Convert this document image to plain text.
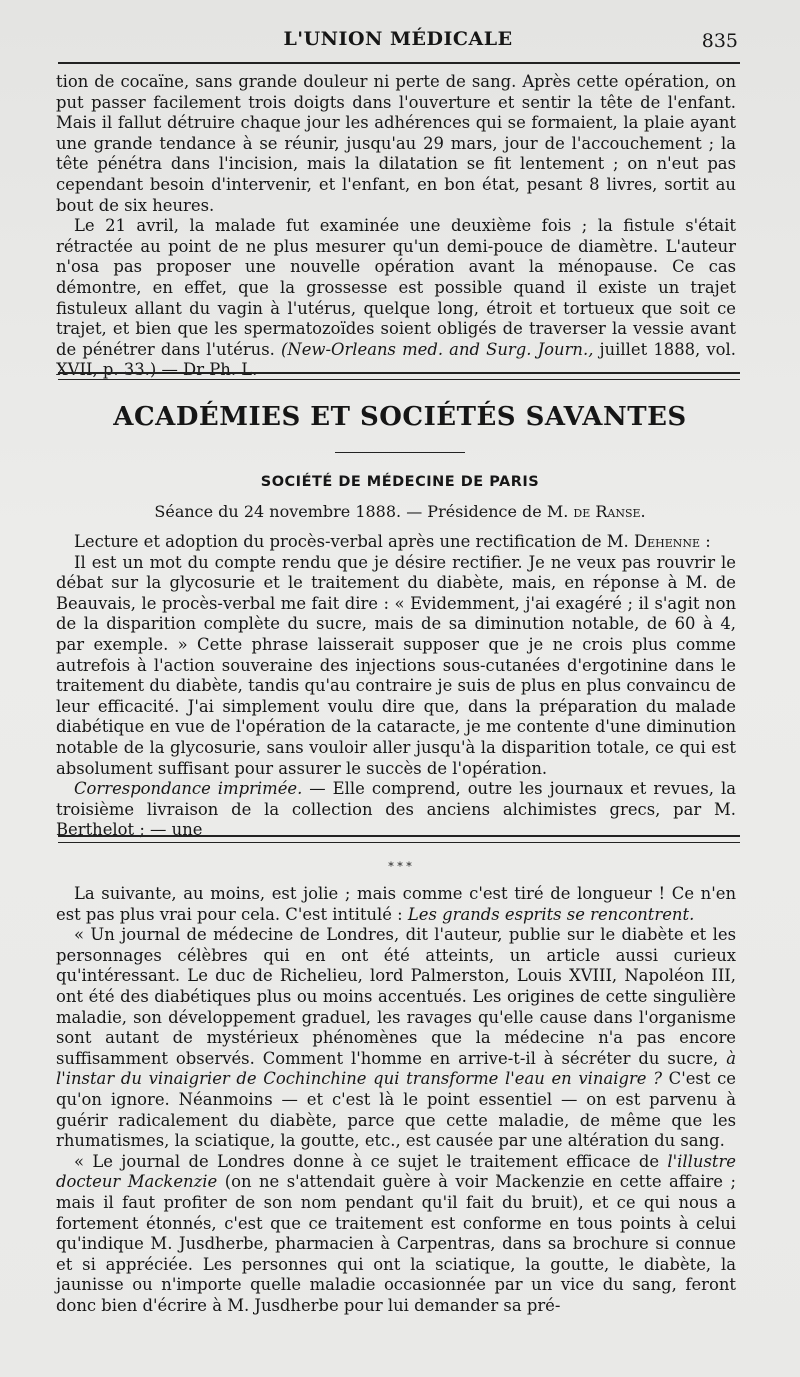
L'UNION MÉDICALE	835

tion de cocaïne, sans grande douleur ni perte de sang. Après cette opération, on put passer facilement trois doigts dans l'ouverture et sentir la tête de l'enfant. Mais il fallut détruire chaque jour les adhérences qui se formaient, la plaie ayant une grande tendance à se réunir, jusqu'au 29 mars, jour de l'accouchement ; la tête pénétra dans l'incision, mais la dilatation se fit lentement ; on n'eut pas cependant besoin d'intervenir, et l'enfant, en bon état, pesant 8 livres, sortit au bout de six heures.

Le 21 avril, la malade fut examinée une deuxième fois ; la fistule s'était rétractée au point de ne plus mesurer qu'un demi-pouce de diamètre. L'auteur n'osa pas proposer une nouvelle opération avant la ménopause. Ce cas démontre, en effet, que la grossesse est possible quand il existe un trajet fistuleux allant du vagin à l'utérus, quelque long, étroit et tortueux que soit ce trajet, et bien que les spermatozoïdes soient obligés de traverser la vessie avant de pénétrer dans l'utérus. (New-Orleans med. and Surg. Journ., juillet 1888, vol. XVII, p. 33.) — Dr Ph. L.

ACADÉMIES ET SOCIÉTÉS SAVANTES
SOCIÉTÉ DE MÉDECINE DE PARIS
Séance du 24 novembre 1888. — Présidence de M. de Ranse.

Lecture et adoption du procès-verbal après une rectification de M. Dehenne :

Il est un mot du compte rendu que je désire rectifier. Je ne veux pas rouvrir le débat sur la glycosurie et le traitement du diabète, mais, en réponse à M. de Beauvais, le procès-verbal me fait dire : « Evidemment, j'ai exagéré ; il s'agit non de la disparition complète du sucre, mais de sa diminution notable, de 60 à 4, par exemple. » Cette phrase laisserait supposer que je ne crois plus comme autrefois à l'action souveraine des injections sous-cutanées d'ergotinine dans le traitement du diabète, tandis qu'au contraire je suis de plus en plus convaincu de leur efficacité. J'ai simplement voulu dire que, dans la préparation du malade diabétique en vue de l'opération de la cataracte, je me contente d'une diminution notable de la glycosurie, sans vouloir aller jusqu'à la disparition totale, ce qui est absolument suffisant pour assurer le succès de l'opération.

Correspondance imprimée. — Elle comprend, outre les journaux et revues, la troisième livraison de la collection des anciens alchimistes grecs, par M. Berthelot ; — une

* * *

La suivante, au moins, est jolie ; mais comme c'est tiré de longueur ! Ce n'en est pas plus vrai pour cela. C'est intitulé : Les grands esprits se rencontrent.

« Un journal de médecine de Londres, dit l'auteur, publie sur le diabète et les personnages célèbres qui en ont été atteints, un article aussi curieux qu'intéressant. Le duc de Richelieu, lord Palmerston, Louis XVIII, Napoléon III, ont été des diabétiques plus ou moins accentués. Les origines de cette singulière maladie, son développement graduel, les ravages qu'elle cause dans l'organisme sont autant de mystérieux phénomènes que la médecine n'a pas encore suffisamment observés. Comment l'homme en arrive-t-il à sécréter du sucre, à l'instar du vinaigrier de Cochinchine qui transforme l'eau en vinaigre ? C'est ce qu'on ignore. Néanmoins — et c'est là le point essentiel — on est parvenu à guérir radicalement du diabète, parce que cette maladie, de même que les rhumatismes, la sciatique, la goutte, etc., est causée par une altération du sang.

« Le journal de Londres donne à ce sujet le traitement efficace de l'illustre docteur Mackenzie (on ne s'attendait guère à voir Mackenzie en cette affaire ; mais il faut profiter de son nom pendant qu'il fait du bruit), et ce qui nous a fortement étonnés, c'est que ce traitement est conforme en tous points à celui qu'indique M. Jusdherbe, pharmacien à Carpentras, dans sa brochure si connue et si appréciée. Les personnes qui ont la sciatique, la goutte, le diabète, la jaunisse ou n'importe quelle maladie occasionnée par un vice du sang, feront donc bien d'écrire à M. Jusdherbe pour lui demander sa pré-
